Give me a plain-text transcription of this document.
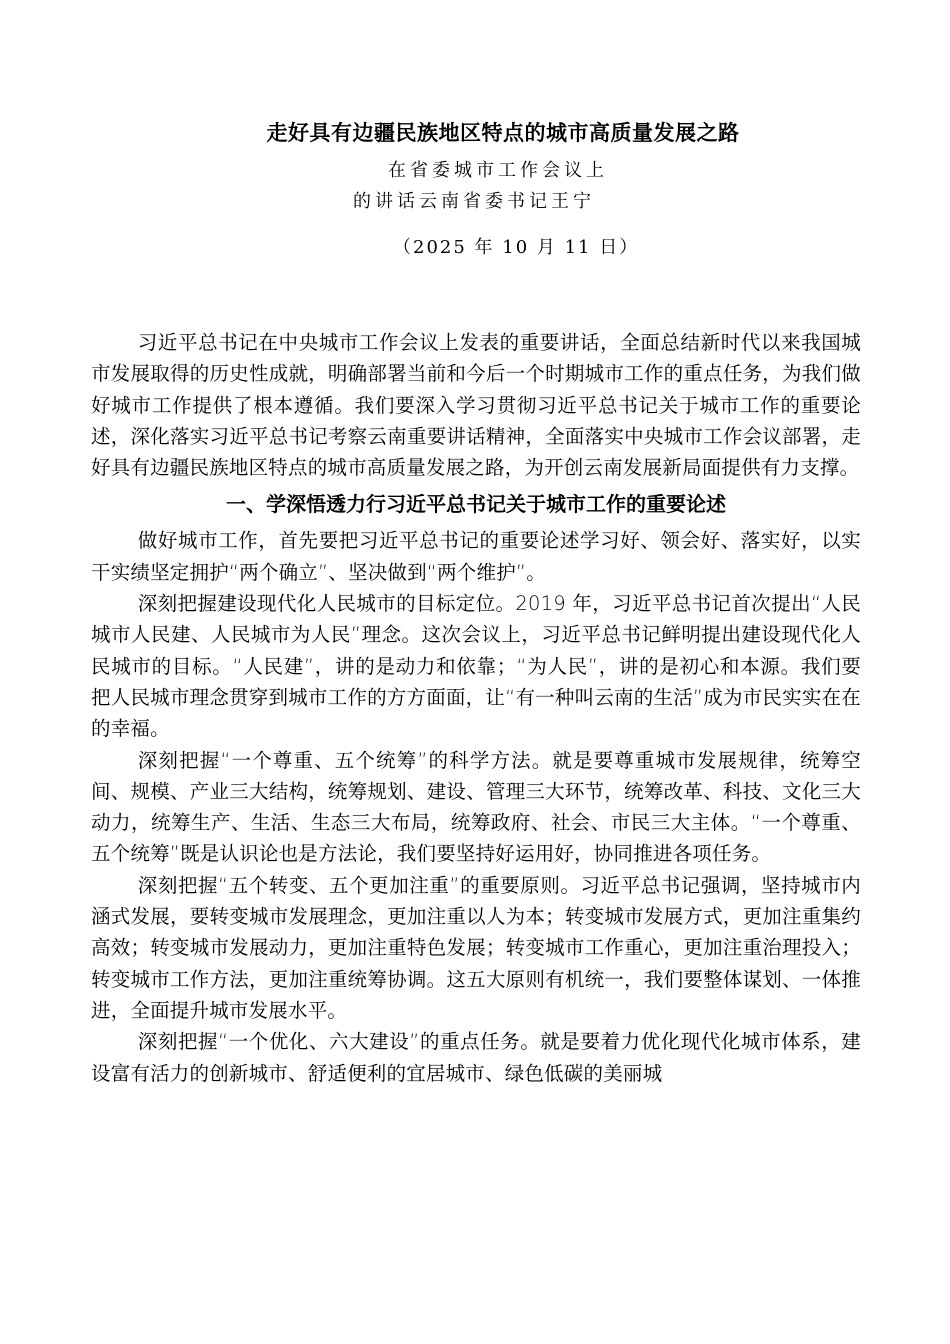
走好具有边疆民族地区特点的城市高质量发展之路
在省委城市工作会议上
的讲话云南省委书记王宁
（2025 年 10 月 11 日）

习近平总书记在中央城市工作会议上发表的重要讲话，全面总结新时代以来我国城市发展取得的历史性成就，明确部署当前和今后一个时期城市工作的重点任务，为我们做好城市工作提供了根本遵循。我们要深入学习贯彻习近平总书记关于城市工作的重要论述，深化落实习近平总书记考察云南重要讲话精神，全面落实中央城市工作会议部署，走好具有边疆民族地区特点的城市高质量发展之路，为开创云南发展新局面提供有力支撑。

一、学深悟透力行习近平总书记关于城市工作的重要论述

做好城市工作，首先要把习近平总书记的重要论述学习好、领会好、落实好，以实干实绩坚定拥护“两个确立”、坚决做到“两个维护”。

深刻把握建设现代化人民城市的目标定位。2019 年，习近平总书记首次提出“人民城市人民建、人民城市为人民”理念。这次会议上，习近平总书记鲜明提出建设现代化人民城市的目标。“人民建”，讲的是动力和依靠；“为人民”，讲的是初心和本源。我们要把人民城市理念贯穿到城市工作的方方面面，让“有一种叫云南的生活”成为市民实实在在的幸福。

深刻把握“一个尊重、五个统筹”的科学方法。就是要尊重城市发展规律，统筹空间、规模、产业三大结构，统筹规划、建设、管理三大环节，统筹改革、科技、文化三大动力，统筹生产、生活、生态三大布局，统筹政府、社会、市民三大主体。“一个尊重、五个统筹”既是认识论也是方法论，我们要坚持好运用好，协同推进各项任务。

深刻把握“五个转变、五个更加注重”的重要原则。习近平总书记强调，坚持城市内涵式发展，要转变城市发展理念，更加注重以人为本；转变城市发展方式，更加注重集约高效；转变城市发展动力，更加注重特色发展；转变城市工作重心，更加注重治理投入；转变城市工作方法，更加注重统筹协调。这五大原则有机统一，我们要整体谋划、一体推进，全面提升城市发展水平。

深刻把握“一个优化、六大建设”的重点任务。就是要着力优化现代化城市体系，建设富有活力的创新城市、舒适便利的宜居城市、绿色低碳的美丽城
